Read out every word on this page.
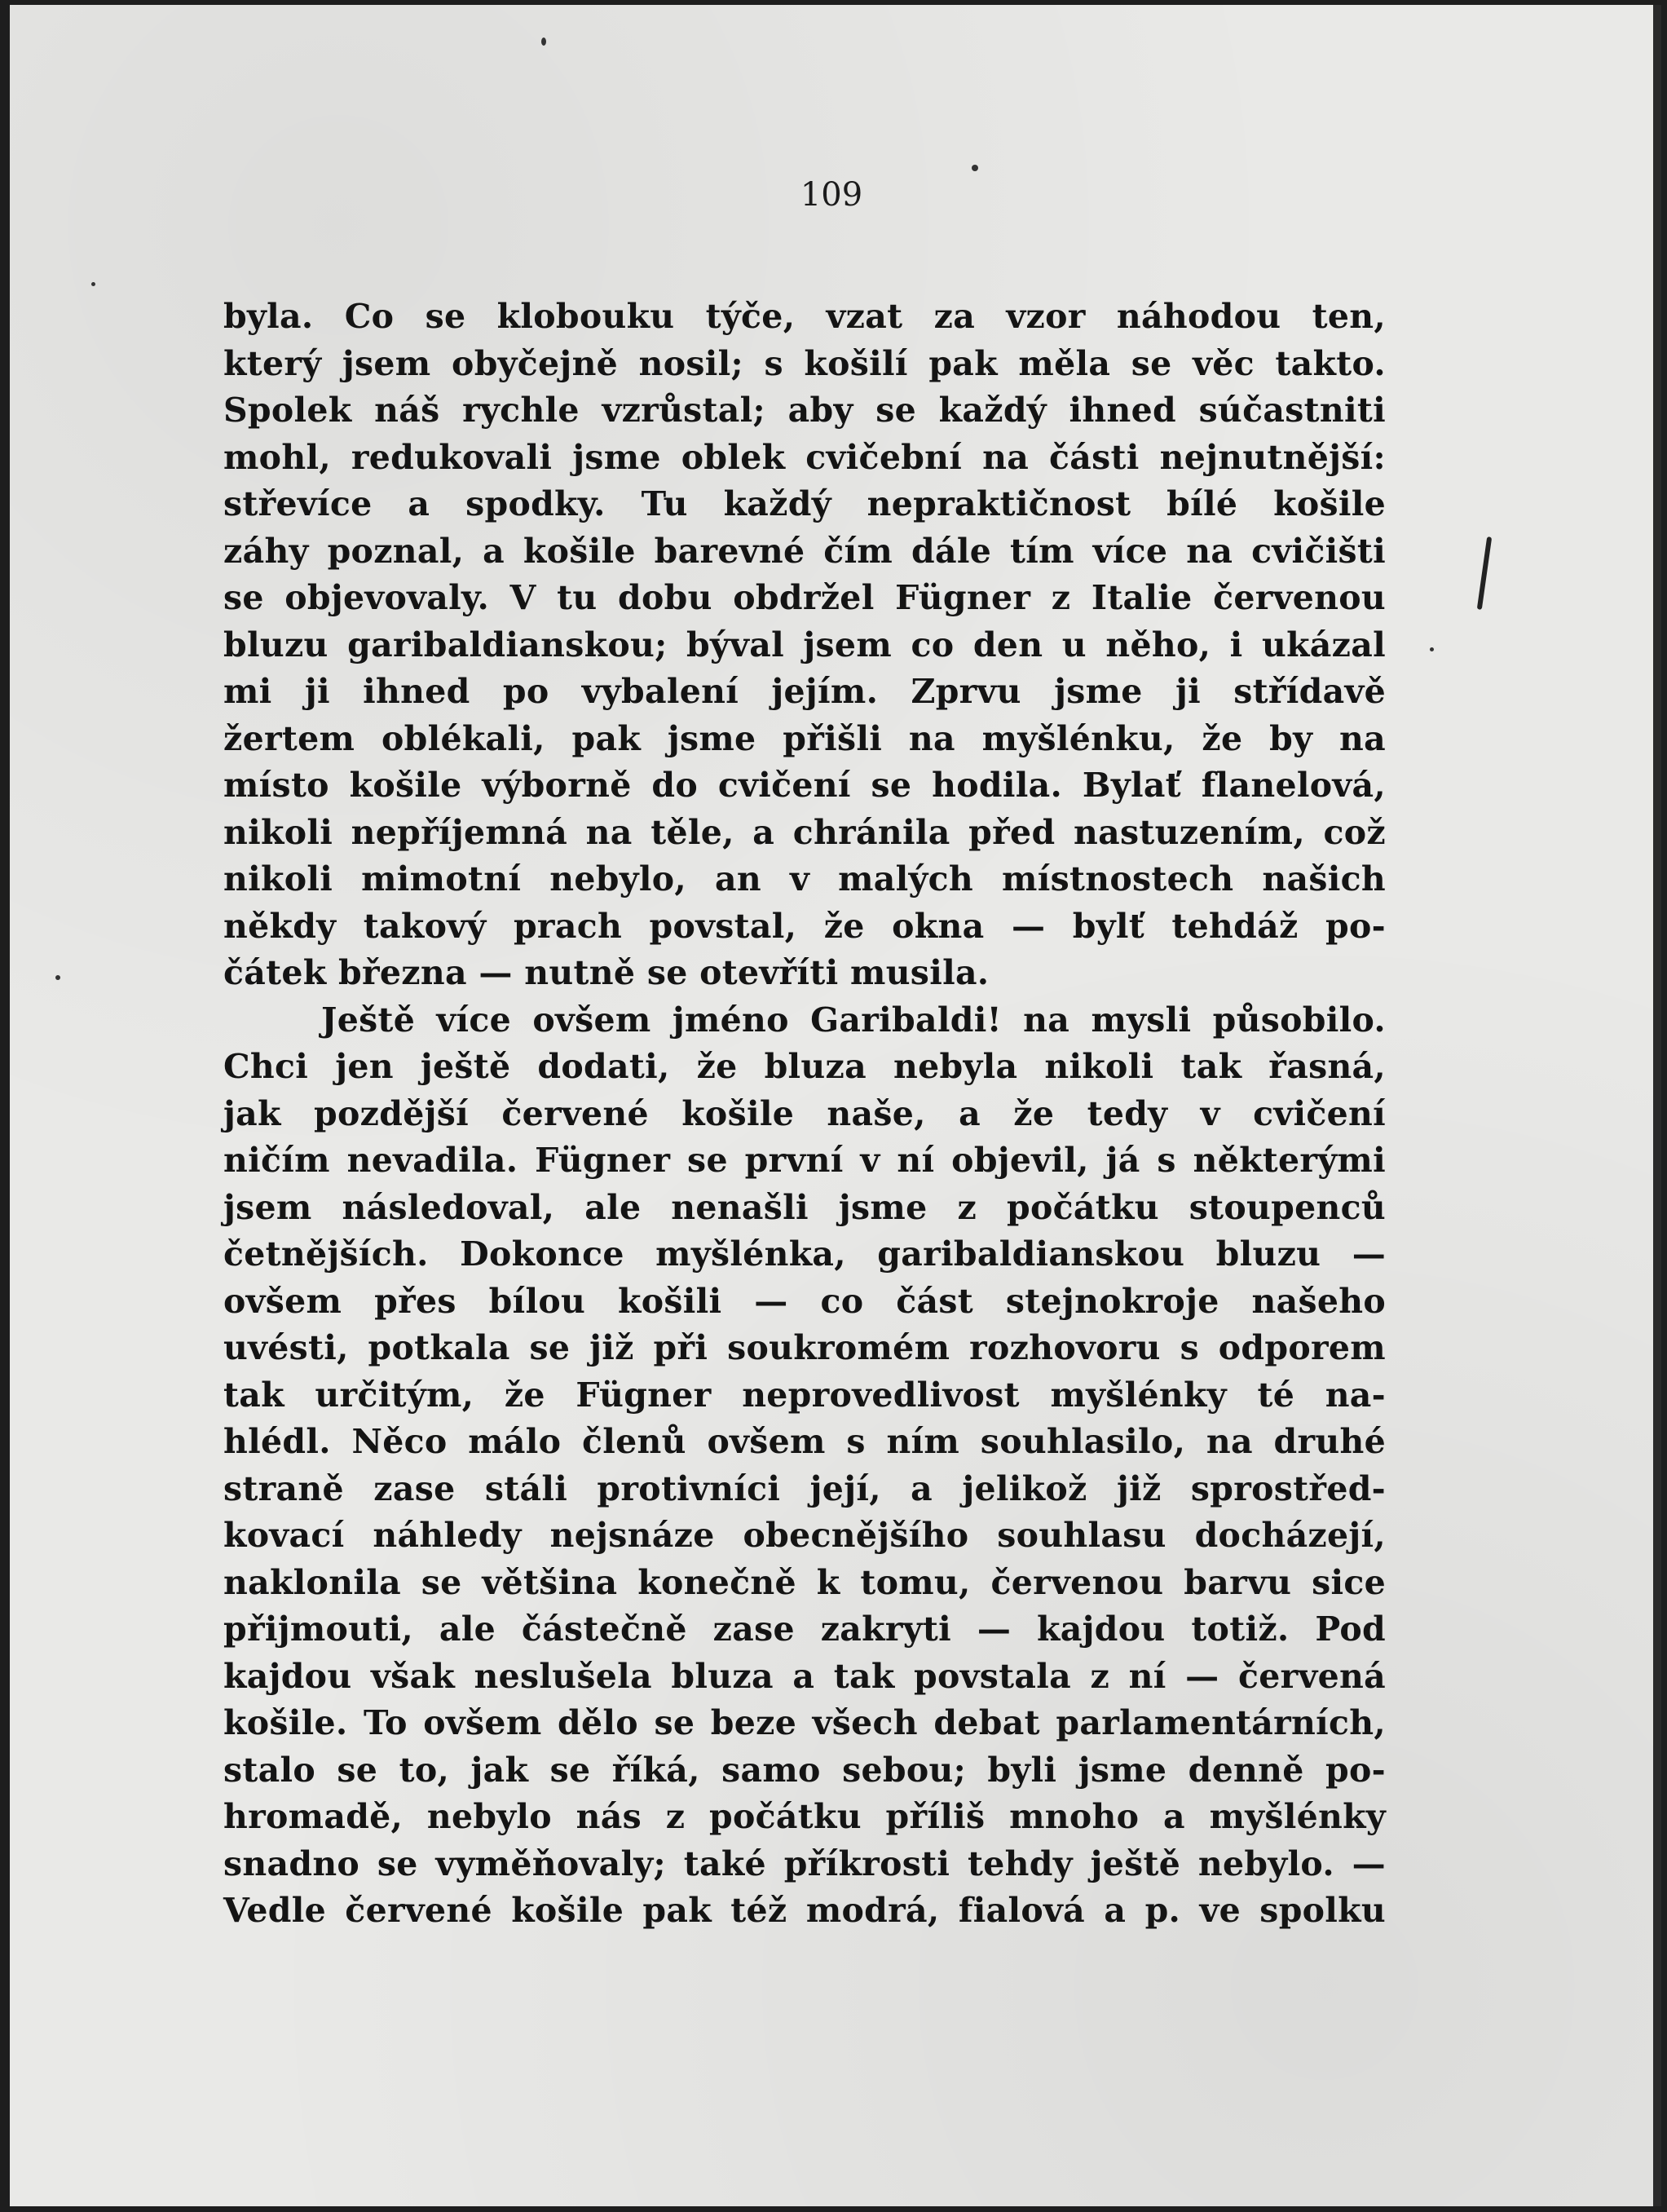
109
byla. Co se klobouku týče, vzat za vzor náhodou ten,
který jsem obyčejně nosil; s košilí pak měla se věc takto.
Spolek náš rychle vzrůstal; aby se každý ihned súčastniti
mohl, redukovali jsme oblek cvičební na části nejnutnější:
střevíce a spodky. Tu každý nepraktičnost bílé košile
záhy poznal, a košile barevné čím dále tím více na cvičišti
se objevovaly. V tu dobu obdržel Fügner z Italie červenou
bluzu garibaldianskou; býval jsem co den u něho, i ukázal
mi ji ihned po vybalení jejím. Zprvu jsme ji střídavě
žertem oblékali, pak jsme přišli na myšlénku, že by na
místo košile výborně do cvičení se hodila. Bylať flanelová,
nikoli nepříjemná na těle, a chránila před nastuzením, což
nikoli mimotní nebylo, an v malých místnostech našich
někdy takový prach povstal, že okna — bylť tehdáž po-
čátek března — nutně se otevříti musila.
Ještě více ovšem jméno Garibaldi! na mysli působilo.
Chci jen ještě dodati, že bluza nebyla nikoli tak řasná,
jak pozdější červené košile naše, a že tedy v cvičení
ničím nevadila. Fügner se první v ní objevil, já s některými
jsem následoval, ale nenašli jsme z počátku stoupenců
četnějších. Dokonce myšlénka, garibaldianskou bluzu —
ovšem přes bílou košili — co část stejnokroje našeho
uvésti, potkala se již při soukromém rozhovoru s odporem
tak určitým, že Fügner neprovedlivost myšlénky té na-
hlédl. Něco málo členů ovšem s ním souhlasilo, na druhé
straně zase stáli protivníci její, a jelikož již sprostřed-
kovací náhledy nejsnáze obecnějšího souhlasu docházejí,
naklonila se většina konečně k tomu, červenou barvu sice
přijmouti, ale částečně zase zakryti — kajdou totiž. Pod
kajdou však neslušela bluza a tak povstala z ní — červená
košile. To ovšem dělo se beze všech debat parlamentárních,
stalo se to, jak se říká, samo sebou; byli jsme denně po-
hromadě, nebylo nás z počátku příliš mnoho a myšlénky
snadno se vyměňovaly; také příkrosti tehdy ještě nebylo. —
Vedle červené košile pak též modrá, fialová a p. ve spolku
